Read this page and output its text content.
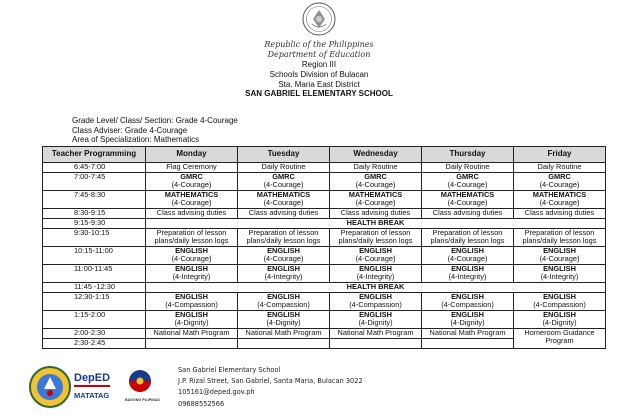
Republic of the Philippines
Department of Education
Region III
Schools Division of Bulacan
Sta. Maria East District
SAN GABRIEL ELEMENTARY SCHOOL
Grade Level/ Class/ Section: Grade 4-Courage
Class Adviser: Grade 4-Courage
Area of Specialization: Mathematics
Teacher Programming	Monday	Tuesday	Wednesday	Thursday	Friday
6:45-7:00	Flag Ceremony	Daily Routine	Daily Routine	Daily Routine	Daily Routine

7:00-7:45	GMRC
(4-Courage)	GMRC
(4-Courage)	GMRC
(4-Courage)	GMRC
(4-Courage)	GMRC
(4-Courage)

7:45-8:30	MATHEMATICS
(4-Courage)	MATHEMATICS
(4-Courage)	MATHEMATICS
(4-Courage)	MATHEMATICS
(4-Courage)	MATHEMATICS
(4-Courage)

8:30-9:15	Class advising duties	Class advising duties	Class advising duties	Class advising duties	Class advising duties

9:15-9:30	HEALTH BREAK				
9:30-10:15	Preparation of lesson
plans/daily lesson logs	Preparation of lesson
plans/daily lesson logs	Preparation of lesson
plans/daily lesson logs	Preparation of lesson
plans/daily lesson logs	Preparation of lesson
plans/daily lesson logs

10:15-11:00	ENGLISH
(4-Courage)	ENGLISH
(4-Courage)	ENGLISH
(4-Courage)	ENGLISH
(4-Courage)	ENGLISH
(4-Courage)

11:00-11:45	ENGLISH
(4-Integrity)	ENGLISH
(4-Integrity)	ENGLISH
(4-Integrity)	ENGLISH
(4-Integrity)	ENGLISH
(4-Integrity)

11:45 -12:30	HEALTH BREAK				
12:30-1:15	ENGLISH
(4-Compassion)	ENGLISH
(4-Compassion)	ENGLISH
(4-Compassion)	ENGLISH
(4-Compassion)	ENGLISH
(4-Compassion)

1:15-2:00	ENGLISH
(4-Dignity)	ENGLISH
(4-Dignity)	ENGLISH
(4-Dignity)	ENGLISH
(4-Dignity)	ENGLISH
(4-Dignity)

2:00-2:30	National Math Program	National Math Program	National Math Program	National Math Program	Homeroom Guidance
Program

2:30-2:45		

DepED
MATATAG	BAGONG PILIPINAS
San Gabriel Elementary School
J.P. Rizal Street, San Gabriel, Santa Maria, Bulacan 3022
105161@deped.gov.ph
09688552566
